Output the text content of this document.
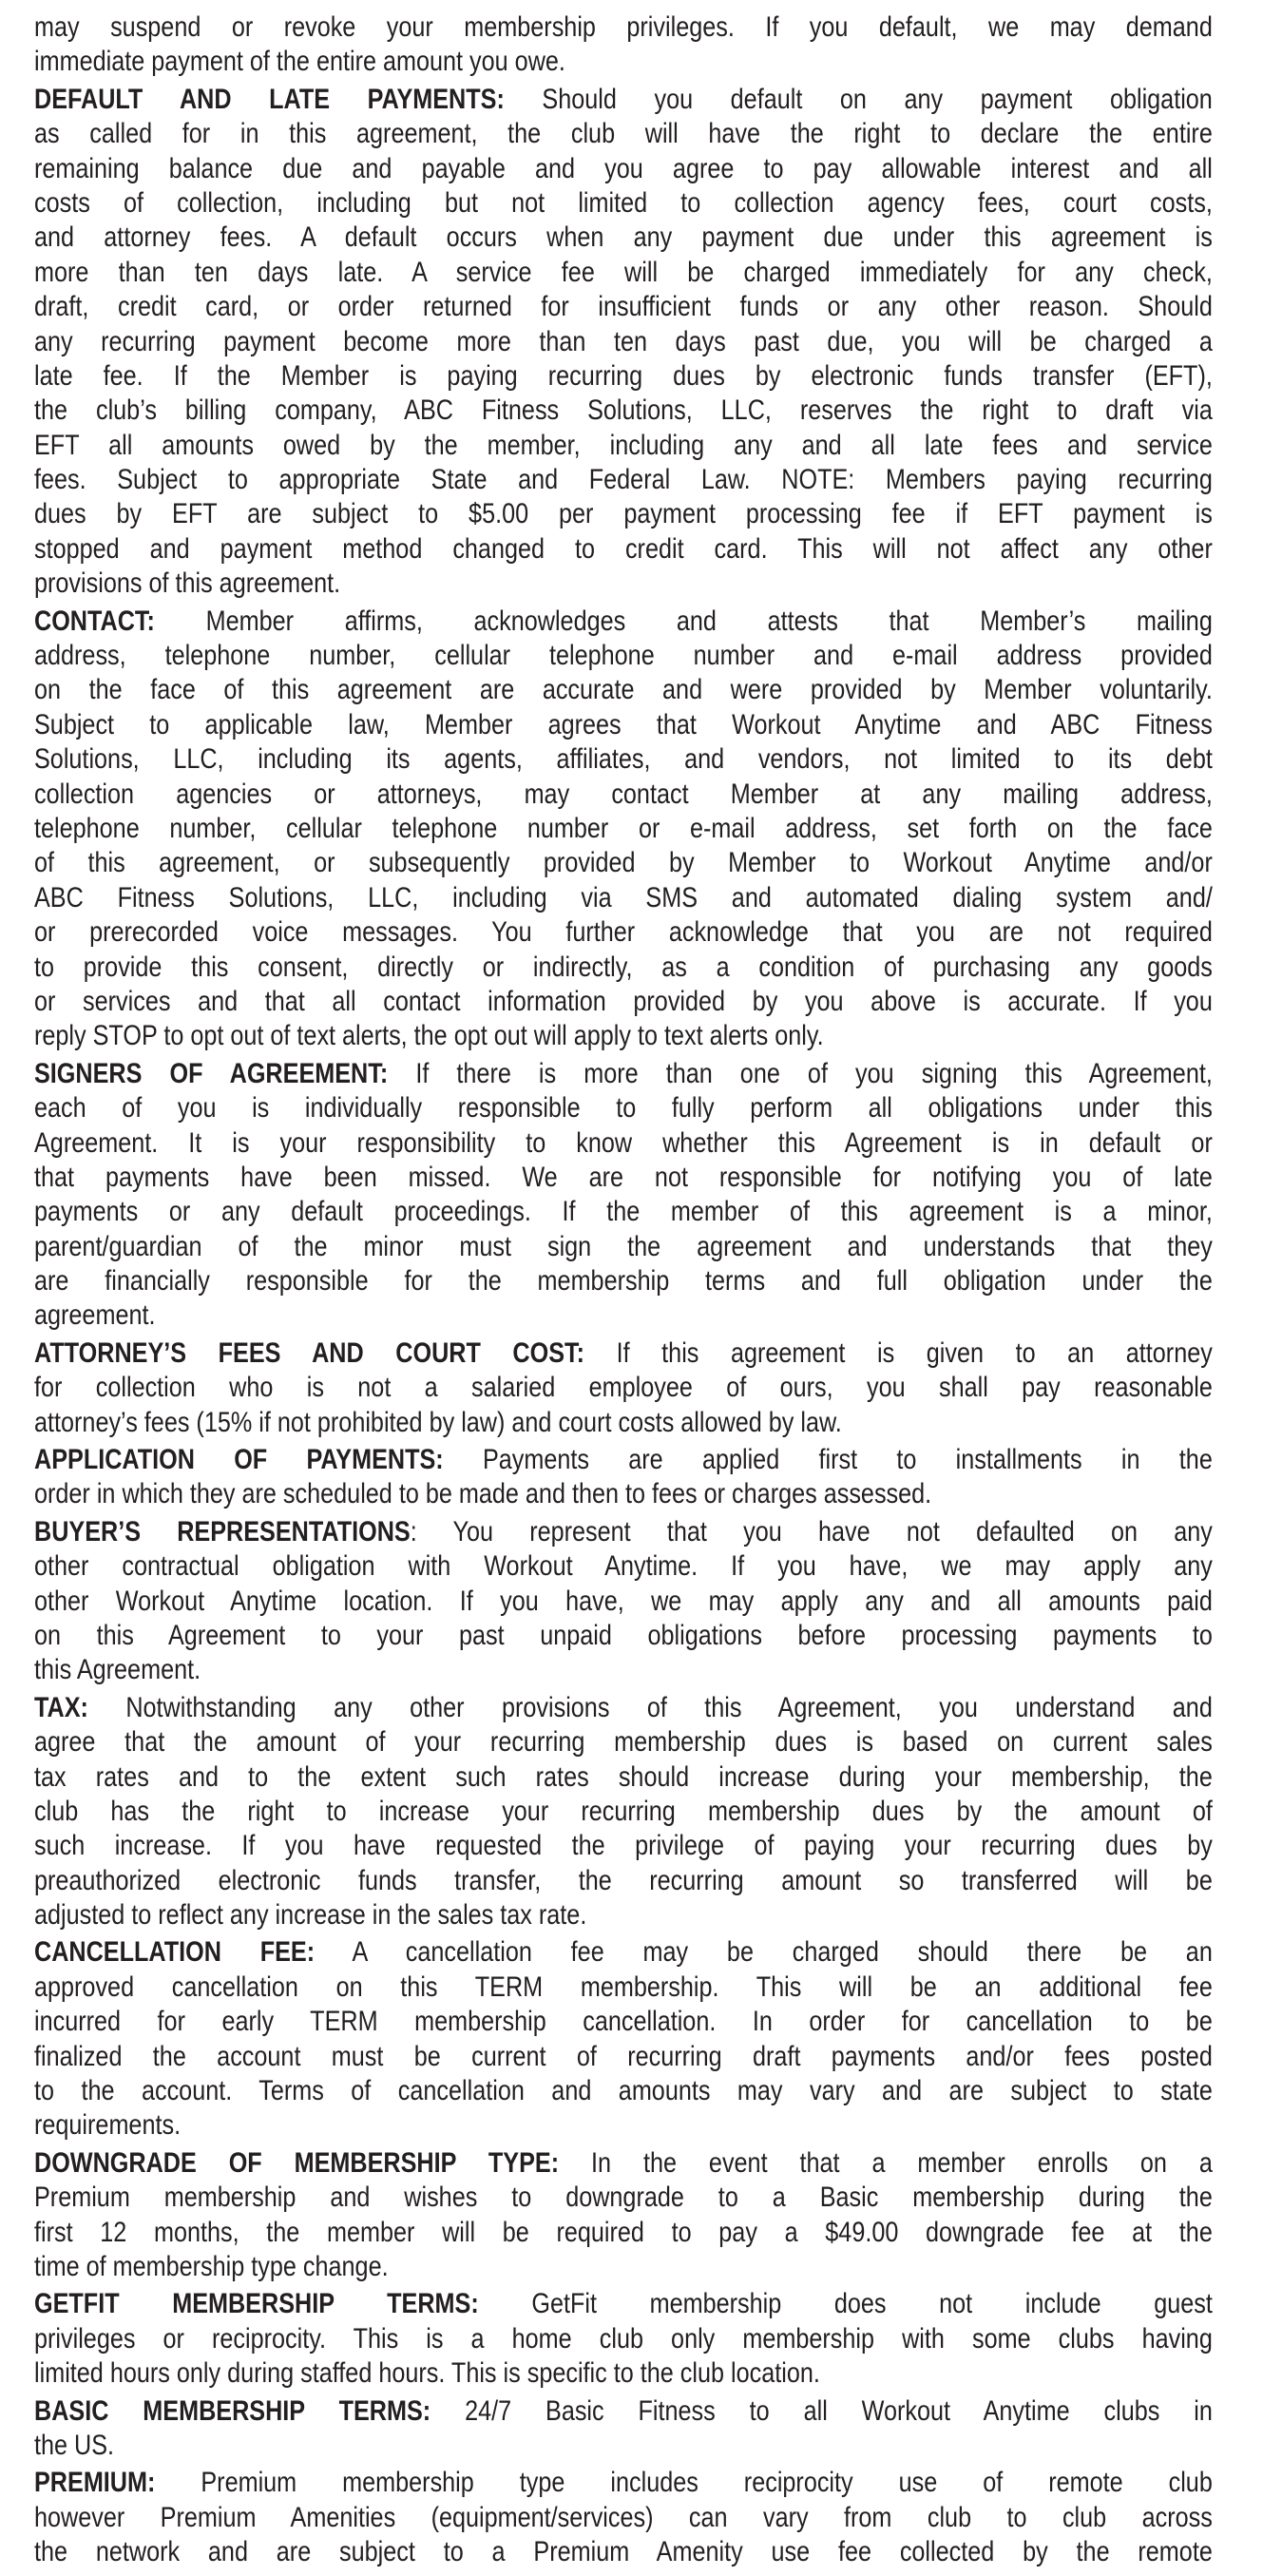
may suspend or revoke your membership privileges. If you default, we may demand
immediate payment of the entire amount you owe.
DEFAULT AND LATE PAYMENTS: Should you default on any payment obligation
as called for in this agreement, the club will have the right to declare the entire
remaining balance due and payable and you agree to pay allowable interest and all
costs of collection, including but not limited to collection agency fees, court costs,
and attorney fees. A default occurs when any payment due under this agreement is
more than ten days late. A service fee will be charged immediately for any check,
draft, credit card, or order returned for insufficient funds or any other reason. Should
any recurring payment become more than ten days past due, you will be charged a
late fee. If the Member is paying recurring dues by electronic funds transfer (EFT),
the club’s billing company, ABC Fitness Solutions, LLC, reserves the right to draft via
EFT all amounts owed by the member, including any and all late fees and service
fees. Subject to appropriate State and Federal Law. NOTE: Members paying recurring
dues by EFT are subject to $5.00 per payment processing fee if EFT payment is
stopped and payment method changed to credit card. This will not affect any other
provisions of this agreement.
CONTACT: Member affirms, acknowledges and attests that Member’s mailing
address, telephone number, cellular telephone number and e-mail address provided
on the face of this agreement are accurate and were provided by Member voluntarily.
Subject to applicable law, Member agrees that Workout Anytime and ABC Fitness
Solutions, LLC, including its agents, affiliates, and vendors, not limited to its debt
collection agencies or attorneys, may contact Member at any mailing address,
telephone number, cellular telephone number or e-mail address, set forth on the face
of this agreement, or subsequently provided by Member to Workout Anytime and/or
ABC Fitness Solutions, LLC, including via SMS and automated dialing system and/
or prerecorded voice messages. You further acknowledge that you are not required
to provide this consent, directly or indirectly, as a condition of purchasing any goods
or services and that all contact information provided by you above is accurate. If you
reply STOP to opt out of text alerts, the opt out will apply to text alerts only.
SIGNERS OF AGREEMENT: If there is more than one of you signing this Agreement,
each of you is individually responsible to fully perform all obligations under this
Agreement. It is your responsibility to know whether this Agreement is in default or
that payments have been missed. We are not responsible for notifying you of late
payments or any default proceedings. If the member of this agreement is a minor,
parent/guardian of the minor must sign the agreement and understands that they
are financially responsible for the membership terms and full obligation under the
agreement.
ATTORNEY’S FEES AND COURT COST: If this agreement is given to an attorney
for collection who is not a salaried employee of ours, you shall pay reasonable
attorney’s fees (15% if not prohibited by law) and court costs allowed by law.
APPLICATION OF PAYMENTS: Payments are applied first to installments in the
order in which they are scheduled to be made and then to fees or charges assessed.
BUYER’S REPRESENTATIONS: You represent that you have not defaulted on any
other contractual obligation with Workout Anytime. If you have, we may apply any
other Workout Anytime location. If you have, we may apply any and all amounts paid
on this Agreement to your past unpaid obligations before processing payments to
this Agreement.
TAX: Notwithstanding any other provisions of this Agreement, you understand and
agree that the amount of your recurring membership dues is based on current sales
tax rates and to the extent such rates should increase during your membership, the
club has the right to increase your recurring membership dues by the amount of
such increase. If you have requested the privilege of paying your recurring dues by
preauthorized electronic funds transfer, the recurring amount so transferred will be
adjusted to reflect any increase in the sales tax rate.
CANCELLATION FEE: A cancellation fee may be charged should there be an
approved cancellation on this TERM membership. This will be an additional fee
incurred for early TERM membership cancellation. In order for cancellation to be
finalized the account must be current of recurring draft payments and/or fees posted
to the account. Terms of cancellation and amounts may vary and are subject to state
requirements.
DOWNGRADE OF MEMBERSHIP TYPE: In the event that a member enrolls on a
Premium membership and wishes to downgrade to a Basic membership during the
first 12 months, the member will be required to pay a $49.00 downgrade fee at the
time of membership type change.
GETFIT MEMBERSHIP TERMS: GetFit membership does not include guest
privileges or reciprocity. This is a home club only membership with some clubs having
limited hours only during staffed hours. This is specific to the club location.
BASIC MEMBERSHIP TERMS: 24/7 Basic Fitness to all Workout Anytime clubs in
the US.
PREMIUM: Premium membership type includes reciprocity use of remote club
however Premium Amenities (equipment/services) can vary from club to club across
the network and are subject to a Premium Amenity use fee collected by the remote
